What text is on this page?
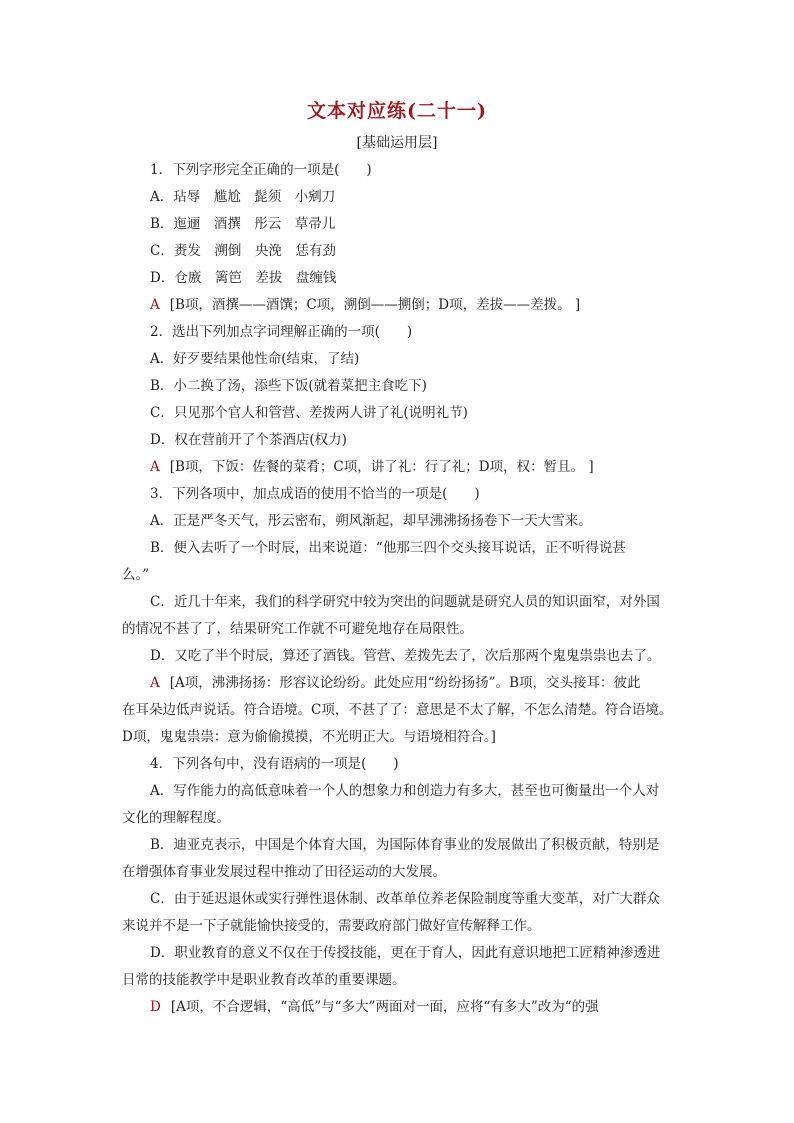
文本对应练(二十一)
[基础运用层]

1．下列字形完全正确的一项是(　　)

A．玷辱　尴尬　髭须　小剜刀

B．迤逦　酒撰　彤云　草帚儿

C．赉发　溯倒　央浼　恁有劲

D．仓廒　篱笆　差拔　盘缠钱

A [B项，酒撰——酒馔；C项，溯倒——搠倒；D项，差拔——差拨。 ]

2．选出下列加点字词理解正确的一项(　　)

A．好歹要结果他性命(结束，了结)

B．小二换了汤，添些下饭(就着菜把主食吃下)

C．只见那个官人和管营、差拨两人讲了礼(说明礼节)

D．权在营前开了个茶酒店(权力)

A [B项，下饭：佐餐的菜肴；C项，讲了礼：行了礼；D项，权：暂且。 ]

3．下列各项中，加点成语的使用不恰当的一项是(　　)

A．正是严冬天气，彤云密布，朔风渐起，却早沸沸扬扬卷下一天大雪来。

B．便入去听了一个时辰，出来说道：“他那三四个交头接耳说话，正不听得说甚

么。”

C．近几十年来，我们的科学研究中较为突出的问题就是研究人员的知识面窄，对外国

的情况不甚了了，结果研究工作就不可避免地存在局限性。

D．又吃了半个时辰，算还了酒钱。管营、差拨先去了，次后那两个鬼鬼祟祟也去了。

A [A项，沸沸扬扬：形容议论纷纷。此处应用“纷纷扬扬”。B项，交头接耳：彼此

在耳朵边低声说话。符合语境。C项，不甚了了：意思是不太了解，不怎么清楚。符合语境。

D项，鬼鬼祟祟：意为偷偷摸摸，不光明正大。与语境相符合。]

4．下列各句中，没有语病的一项是(　　)

A．写作能力的高低意味着一个人的想象力和创造力有多大，甚至也可衡量出一个人对

文化的理解程度。

B．迪亚克表示，中国是个体育大国，为国际体育事业的发展做出了积极贡献，特别是

在增强体育事业发展过程中推动了田径运动的大发展。

C．由于延迟退休或实行弹性退休制、改革单位养老保险制度等重大变革，对广大群众

来说并不是一下子就能愉快接受的，需要政府部门做好宣传解释工作。

D．职业教育的意义不仅在于传授技能，更在于育人，因此有意识地把工匠精神渗透进

日常的技能教学中是职业教育改革的重要课题。

D [A项，不合逻辑，“高低”与“多大”两面对一面，应将“有多大”改为“的强
